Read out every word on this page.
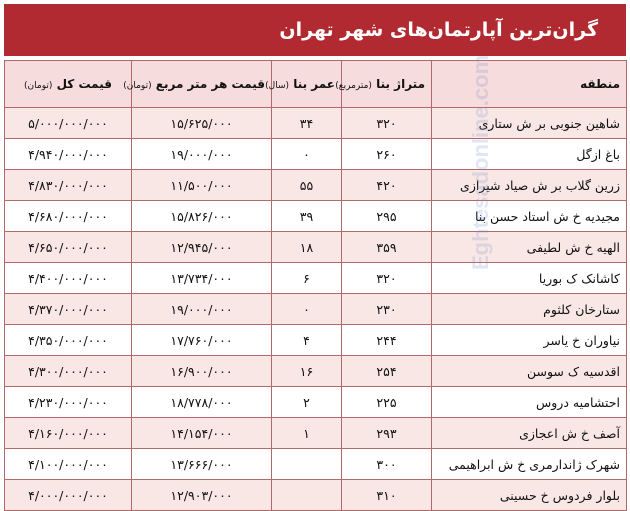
گران‌ترین آپارتمان‌های شهر تهران
منطقه	متراژ بنا (مترمربع)	عمر بنا (سال)	قیمت هر متر مربع (تومان)	قیمت کل (تومان)
شاهین جنوبی بر ش ستاری	۳۲۰	۳۴	۱۵/۶۲۵/۰۰۰	۵/۰۰۰/۰۰۰/۰۰۰
باغ ازگل	۲۶۰	۰	۱۹/۰۰۰/۰۰۰	۴/۹۴۰/۰۰۰/۰۰۰
زرین گلاب بر ش صیاد شیرازی	۴۲۰	۵۵	۱۱/۵۰۰/۰۰۰	۴/۸۳۰/۰۰۰/۰۰۰
مجیدیه خ ش استاد حسن بنا	۲۹۵	۳۹	۱۵/۸۲۶/۰۰۰	۴/۶۸۰/۰۰۰/۰۰۰
الهیه خ ش لطیفی	۳۵۹	۱۸	۱۲/۹۴۵/۰۰۰	۴/۶۵۰/۰۰۰/۰۰۰
کاشانک ک بوریا	۳۲۰	۶	۱۳/۷۳۴/۰۰۰	۴/۴۰۰/۰۰۰/۰۰۰
ستارخان کلثوم	۲۳۰	۰	۱۹/۰۰۰/۰۰۰	۴/۳۷۰/۰۰۰/۰۰۰
نیاوران خ یاسر	۲۴۴	۴	۱۷/۷۶۰/۰۰۰	۴/۳۵۰/۰۰۰/۰۰۰
اقدسیه ک سوسن	۲۵۴	۱۶	۱۶/۹۰۰/۰۰۰	۴/۳۰۰/۰۰۰/۰۰۰
احتشامیه دروس	۲۲۵	۲	۱۸/۷۷۸/۰۰۰	۴/۲۳۰/۰۰۰/۰۰۰
آصف خ ش اعجازی	۲۹۳	۱	۱۴/۱۵۴/۰۰۰	۴/۱۶۰/۰۰۰/۰۰۰
شهرک ژاندارمری خ ش ابراهیمی	۳۰۰		۱۳/۶۶۶/۰۰۰	۴/۱۰۰/۰۰۰/۰۰۰
بلوار فردوس خ حسینی	۳۱۰		۱۲/۹۰۳/۰۰۰	۴/۰۰۰/۰۰۰/۰۰۰
Eghtesadonline.com
